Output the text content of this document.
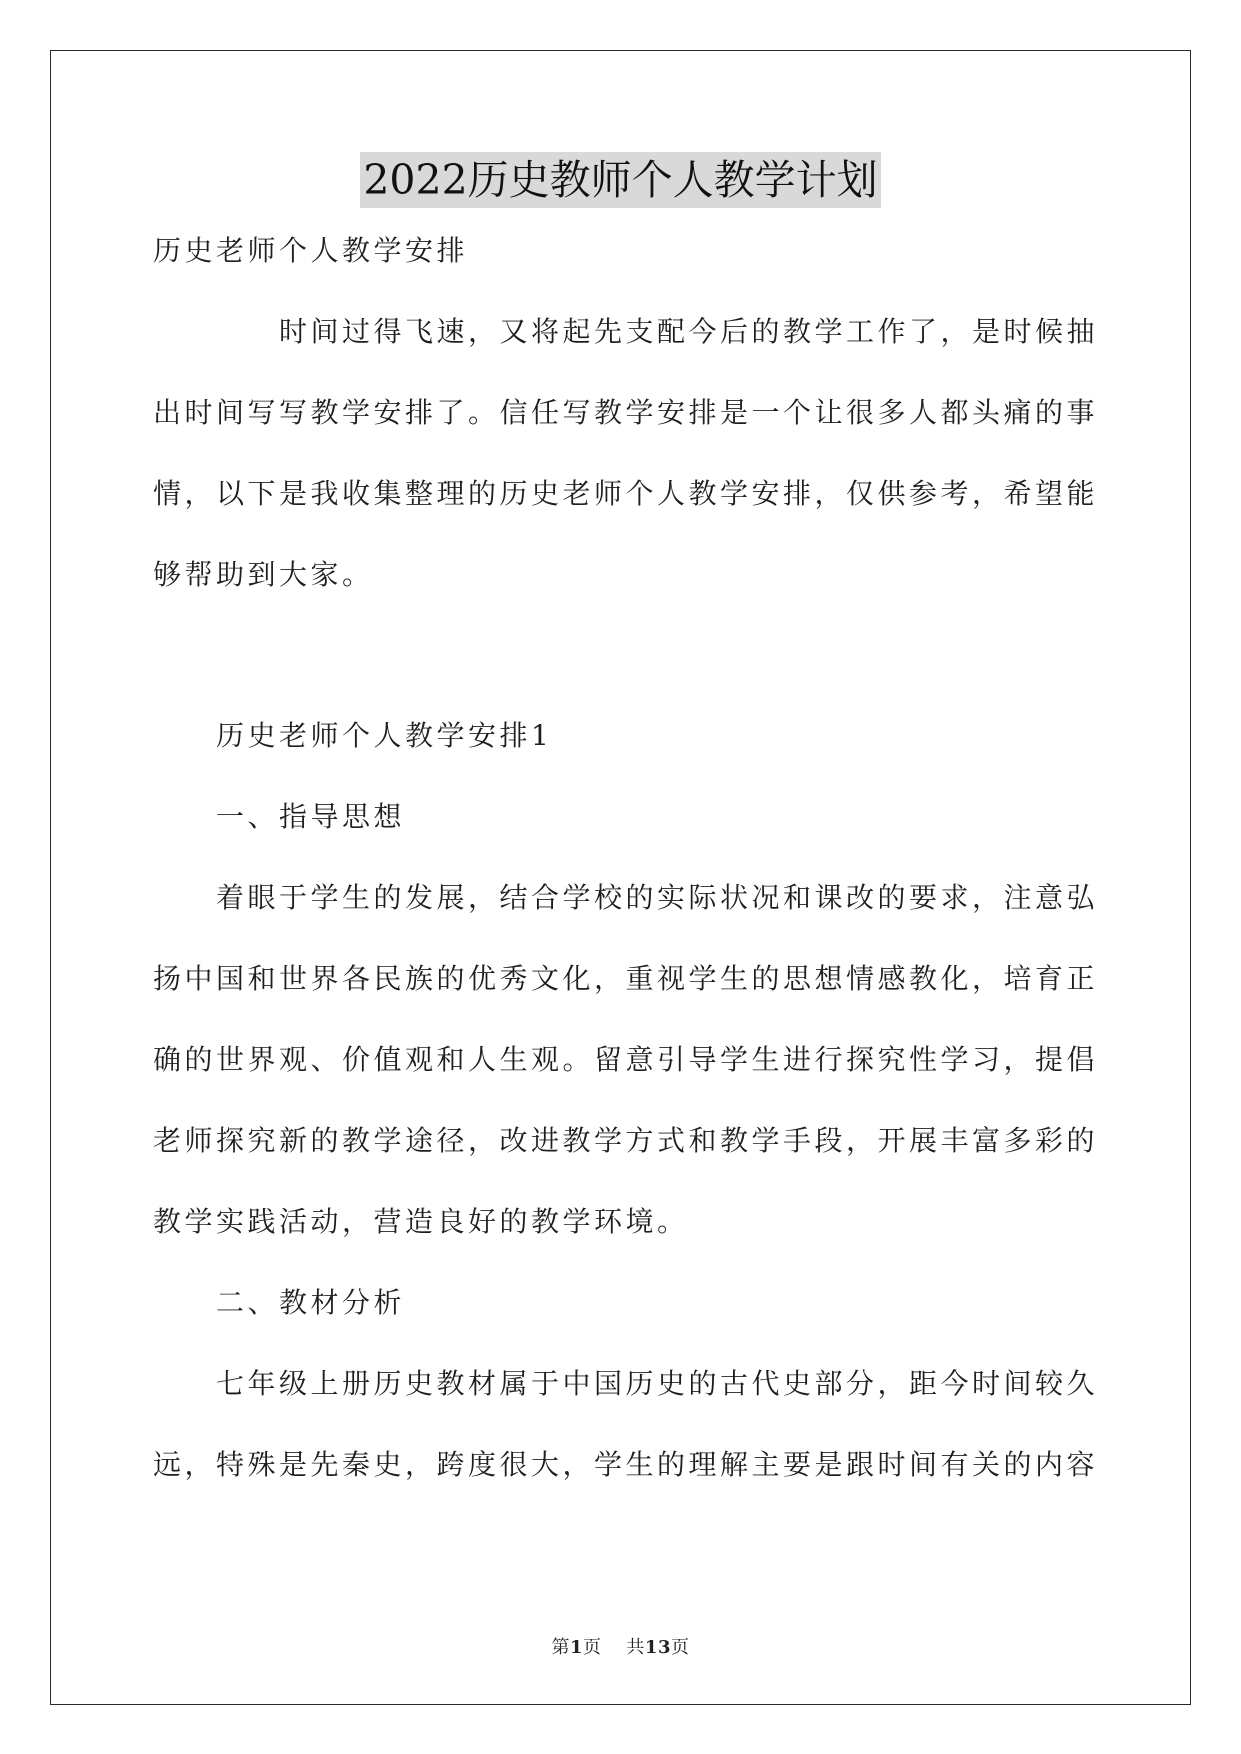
2022历史教师个人教学计划
历史老师个人教学安排
时间过得飞速，又将起先支配今后的教学工作了，是时候抽
出时间写写教学安排了。信任写教学安排是一个让很多人都头痛的事
情，以下是我收集整理的历史老师个人教学安排，仅供参考，希望能
够帮助到大家。
历史老师个人教学安排1
一、指导思想
着眼于学生的发展，结合学校的实际状况和课改的要求，注意弘
扬中国和世界各民族的优秀文化，重视学生的思想情感教化，培育正
确的世界观、价值观和人生观。留意引导学生进行探究性学习，提倡
老师探究新的教学途径，改进教学方式和教学手段，开展丰富多彩的
教学实践活动，营造良好的教学环境。
二、教材分析
七年级上册历史教材属于中国历史的古代史部分，距今时间较久
远，特殊是先秦史，跨度很大，学生的理解主要是跟时间有关的内容
第1页 共13页
